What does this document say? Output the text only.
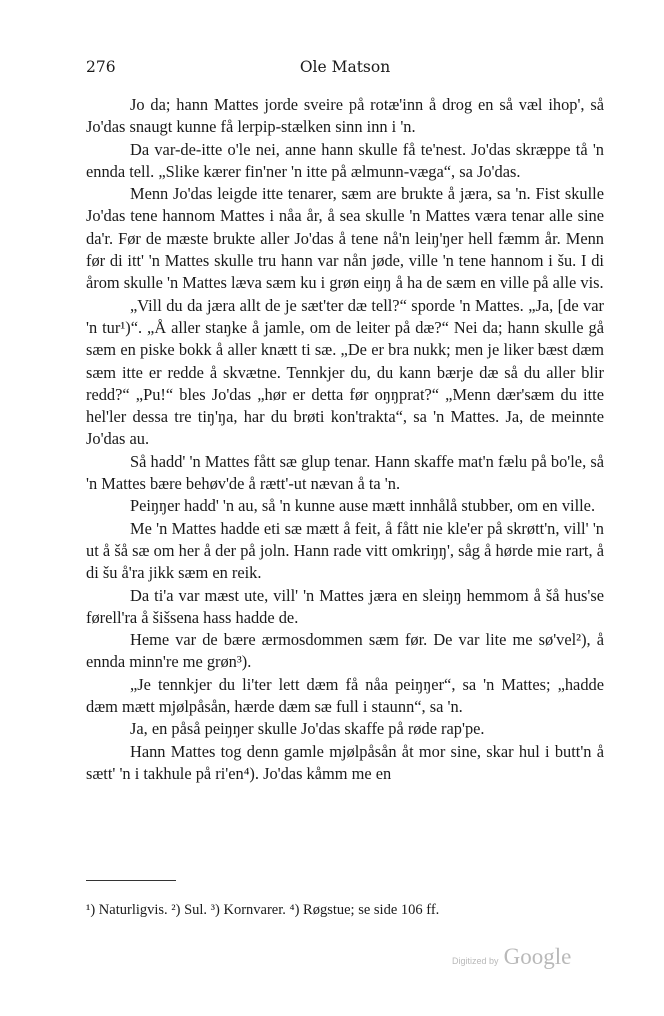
276	Ole Matson

Jo da; hann Mattes jorde sveire på rotæ'inn å drog en så væl ihop', så Jo'das snaugt kunne få lerpip-stælken sinn inn i 'n.

Da var-de-itte o'le nei, anne hann skulle få te'nest. Jo'das skræppe tå 'n ennda tell. „Slike kærer fin'ner 'n itte på ælmunn-væga“, sa Jo'das.

Menn Jo'das leigde itte tenarer, sæm are brukte å jæra, sa 'n. Fist skulle Jo'das tene hannom Mattes i nåa år, å sea skulle 'n Mattes væra tenar alle sine da'r. Før de mæste brukte aller Jo'das å tene nå'n leiŋ'ŋer hell fæmm år. Menn før di itt' 'n Mattes skulle tru hann var nån jøde, ville 'n tene hannom i šu. I di årom skulle 'n Mattes læva sæm ku i grøn eiŋŋ å ha de sæm en ville på alle vis.

„Vill du da jæra allt de je sæt'ter dæ tell?“ sporde 'n Mattes. „Ja, [de var 'n tur¹)“. „Å aller staŋke å jamle, om de leiter på dæ?“ Nei da; hann skulle gå sæm en piske bokk å aller knætt ti sæ. „De er bra nukk; men je liker bæst dæm sæm itte er redde å skvætne. Tennkjer du, du kann bærje dæ så du aller blir redd?“ „Pu!“ bles Jo'das „hør er detta før oŋŋprat?“ „Menn dær'sæm du itte hel'ler dessa tre tiŋ'ŋa, har du brøti kon'trakta“, sa 'n Mattes. Ja, de meinnte Jo'das au.

Så hadd' 'n Mattes fått sæ glup tenar. Hann skaffe mat'n fælu på bo'le, så 'n Mattes bære behøv'de å rætt'-ut nævan å ta 'n.

Peiŋŋer hadd' 'n au, så 'n kunne ause mætt innhålå stubber, om en ville.

Me 'n Mattes hadde eti sæ mætt å feit, å fått nie kle'er på skrøtt'n, vill' 'n ut å šå sæ om her å der på joln. Hann rade vitt omkriŋŋ', såg å hørde mie rart, å di šu å'ra jikk sæm en reik.

Da ti'a var mæst ute, vill' 'n Mattes jæra en sleiŋŋ hemmom å šå hus'se førell'ra å šišsena hass hadde de.

Heme var de bære ærmosdommen sæm før. De var lite me sø'vel²), å ennda minn're me grøn³).

„Je tennkjer du li'ter lett dæm få nåa peiŋŋer“, sa 'n Mattes; „hadde dæm mætt mjølpåsån, hærde dæm sæ full i staunn“, sa 'n.

Ja, en påså peiŋŋer skulle Jo'das skaffe på røde rap'pe.

Hann Mattes tog denn gamle mjølpåsån åt mor sine, skar hul i butt'n å sætt' 'n i takhule på ri'en⁴). Jo'das kåmm me en

¹) Naturligvis. ²) Sul. ³) Kornvarer. ⁴) Røgstue; se side 106 ff.
Digitized by Google
